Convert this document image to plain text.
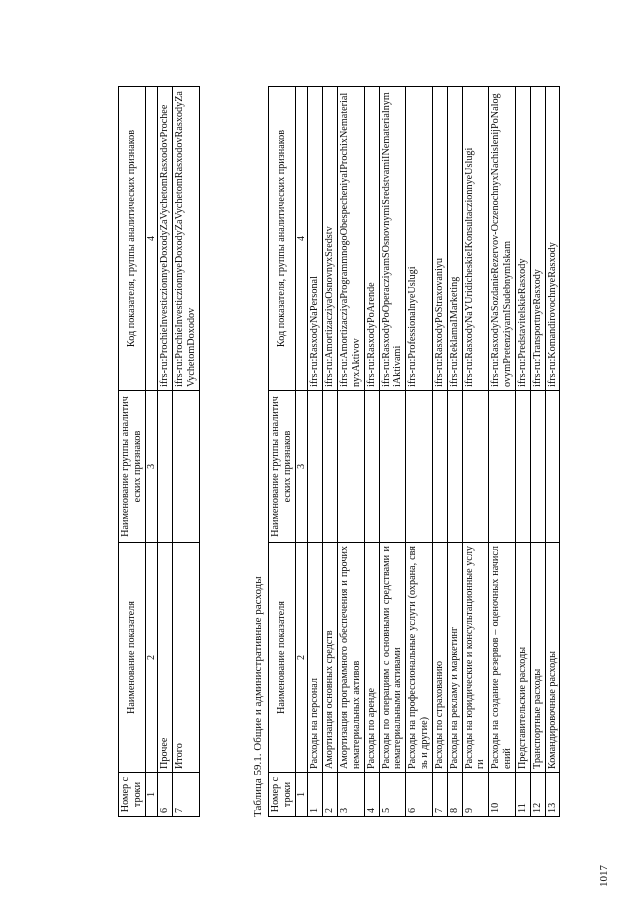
1017
Номер строки	Наименование показателя	Наименование группы аналитических признаков	Код показателя, группы аналитических признаков
1	2	3	4
6	Прочее		ifrs-ru:ProchieInvesticzionnyeDoxodyZaVychetomRasxodovProchee
7	Итого		ifrs-ru:ProchieInvesticzionnyeDoxodyZaVychetomRasxodovRasxodyZaVychetomDoxodov
Таблица 59.1. Общие и административные расходы Номер строки	Наименование показателя	Наименование группы аналитических признаков	Код показателя, группы аналитических признаков
1	2	3	4
1	Расходы на персонал		ifrs-ru:RasxodyNaPersonal
2	Амортизация основных средств		ifrs-ru:AmortizacziyaOsnovnyxSredstv
3	Амортизация программного обеспечения и прочих нематериальных активов		ifrs-ru:AmortizacziyaProgrammnogoObespecheniyaIProchixNematerialnyxAktivov
4	Расходы по аренде		ifrs-ru:RasxodyPoArende
5	Расходы по операциям с основными средствами и нематериальными активами		ifrs-ru:RasxodyPoOperacziyamSOsnovnymiSredstvamiINematerialnymiAktivami
6	Расходы на профессиональные услуги (охрана, связь и другие)		ifrs-ru:ProfessionalnyeUslugi
7	Расходы по страхованию		ifrs-ru:RasxodyPoStraxovaniyu
8	Расходы на рекламу и маркетинг		ifrs-ru:ReklamaIMarketing
9	Расходы на юридические и консультационные услуги		ifrs-ru:RasxodyNaYUridicheskieIKonsultaczionnyeUslugi
10	Расходы на создание резервов – оценочных начислений		ifrs-ru:RasxodyNaSozdanieRezervov-OczenochnyxNachislenijPoNalogovymPretenziyamISudebnymIskam
11	Представительские расходы		ifrs-ru:PredstavitelskieRasxody
12	Транспортные расходы		ifrs-ru:TransportnyeRasxody
13	Командировочные расходы		ifrs-ru:KomandirovochnyeRasxody
